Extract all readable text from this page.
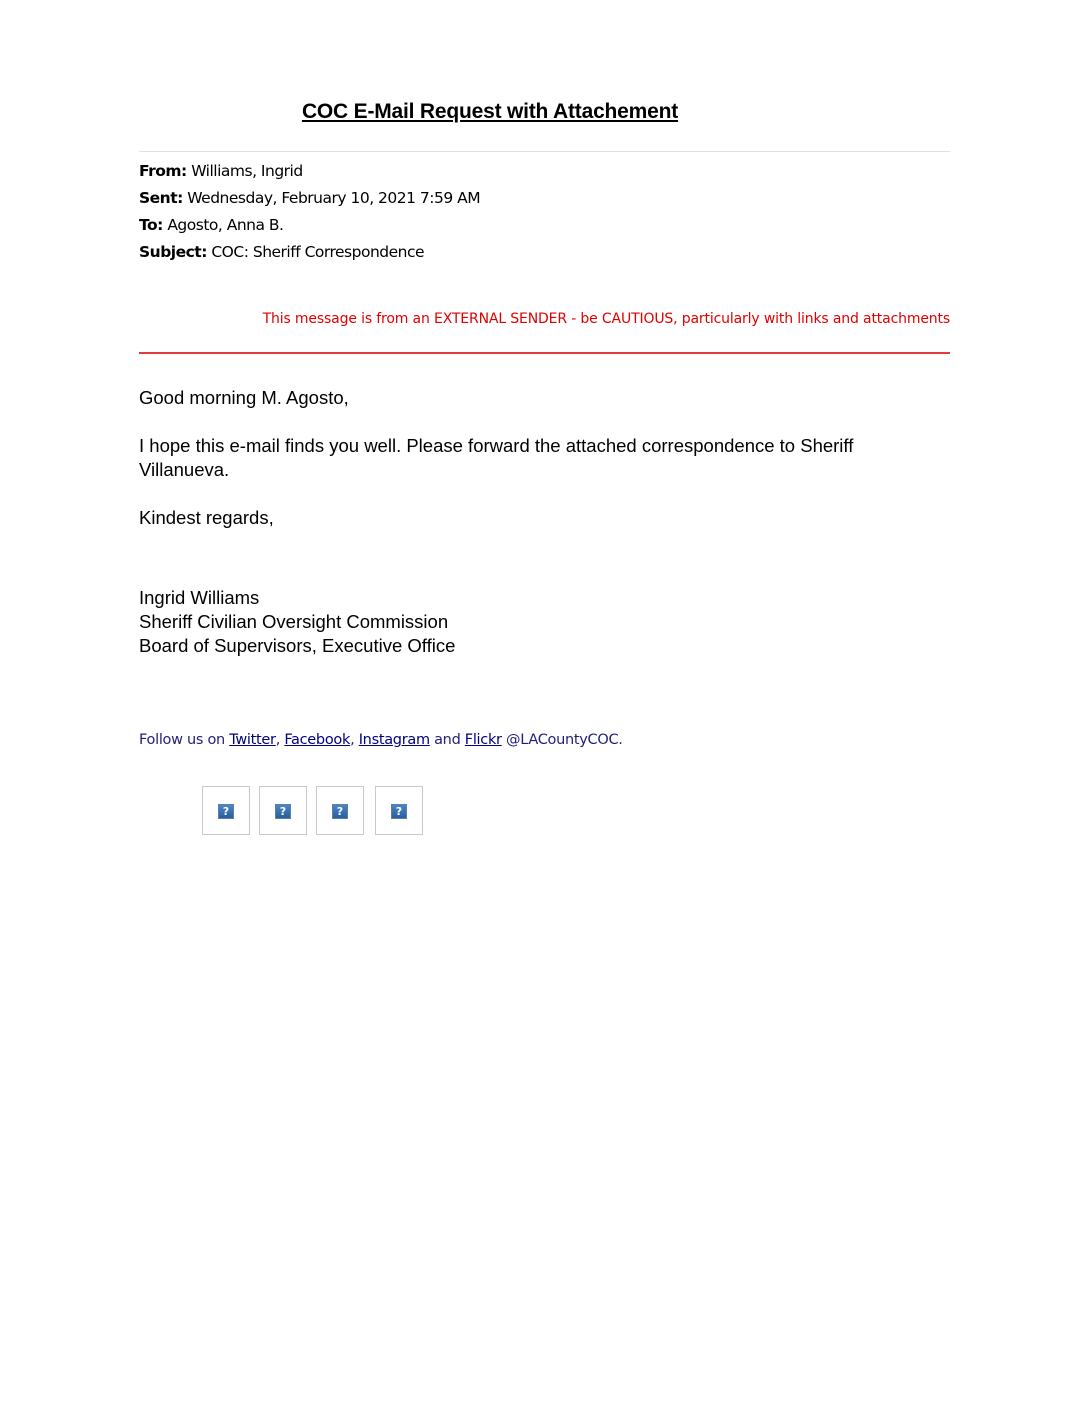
COC E-Mail Request with Attachement
From: Williams, Ingrid
Sent: Wednesday, February 10, 2021 7:59 AM
To: Agosto, Anna B.
Subject: COC: Sheriff Correspondence
This message is from an EXTERNAL SENDER - be CAUTIOUS, particularly with links and attachments
Good morning M. Agosto,
I hope this e-mail finds you well. Please forward the attached correspondence to Sheriff
Villanueva.
Kindest regards,
Ingrid Williams
Sheriff Civilian Oversight Commission
Board of Supervisors, Executive Office
Follow us on Twitter, Facebook, Instagram and Flickr @LACountyCOC.
?	?	?	?
